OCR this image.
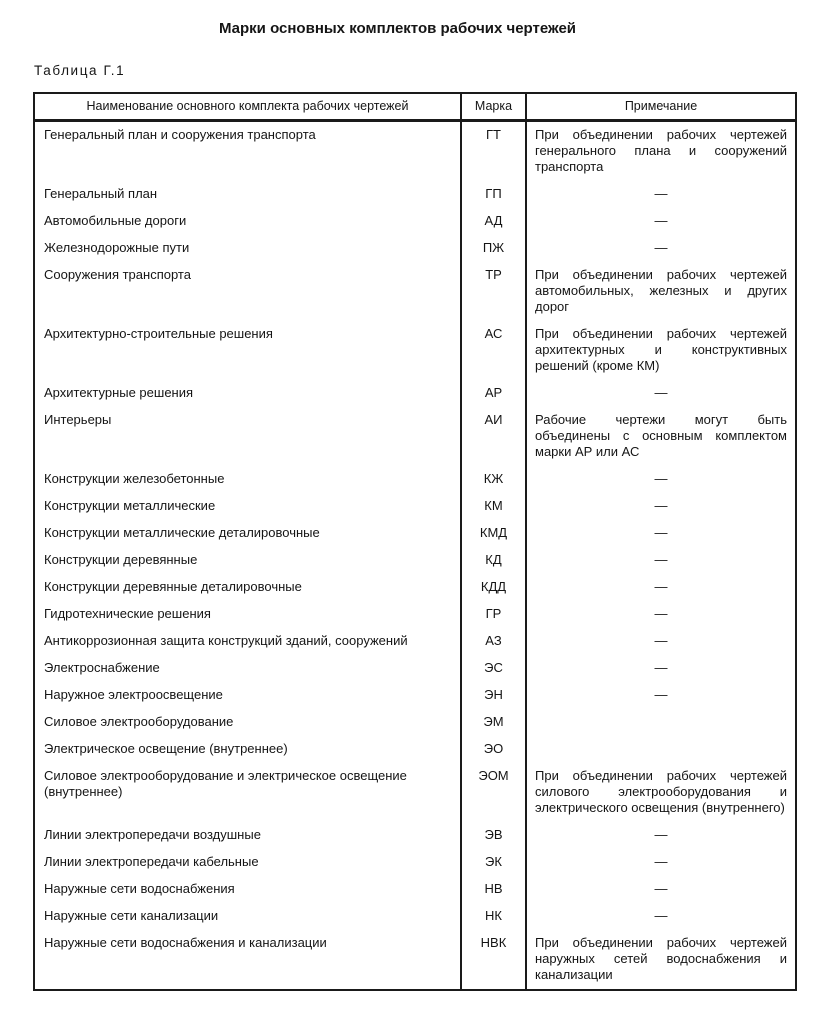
Марки основных комплектов рабочих чертежей
Таблица Г.1
Наименование основного комплекта рабочих чертежей	Марка	Примечание
Генеральный план и сооружения транспорта	ГТ	При объединении рабочих чертежей генерального плана и сооружений транспорта
Генеральный план	ГП	—
Автомобильные дороги	АД	—
Железнодорожные пути	ПЖ	—
Сооружения транспорта	ТР	При объединении рабочих чертежей автомобильных, железных и других дорог
Архитектурно-строительные решения	АС	При объединении рабочих чертежей архитектурных и конструктивных решений (кроме КМ)
Архитектурные решения	АР	—
Интерьеры	АИ	Рабочие чертежи могут быть объединены с основным комплектом марки АР или АС
Конструкции железобетонные	КЖ	—
Конструкции металлические	КМ	—
Конструкции металлические деталировочные	КМД	—
Конструкции деревянные	КД	—
Конструкции деревянные деталировочные	КДД	—
Гидротехнические решения	ГР	—
Антикоррозионная защита конструкций зданий, сооружений	АЗ	—
Электроснабжение	ЭС	—
Наружное электроосвещение	ЭН	—
Силовое электрооборудование	ЭМ	
Электрическое освещение (внутреннее)	ЭО	
Силовое электрооборудование и электрическое освещение (внутреннее)	ЭОМ	При объединении рабочих чертежей силового электрооборудования и электрического освещения (внутреннего)
Линии электропередачи воздушные	ЭВ	—
Линии электропередачи кабельные	ЭК	—
Наружные сети водоснабжения	НВ	—
Наружные сети канализации	НК	—
Наружные сети водоснабжения и канализации	НВК	При объединении рабочих чертежей наружных сетей водоснабжения и канализации
